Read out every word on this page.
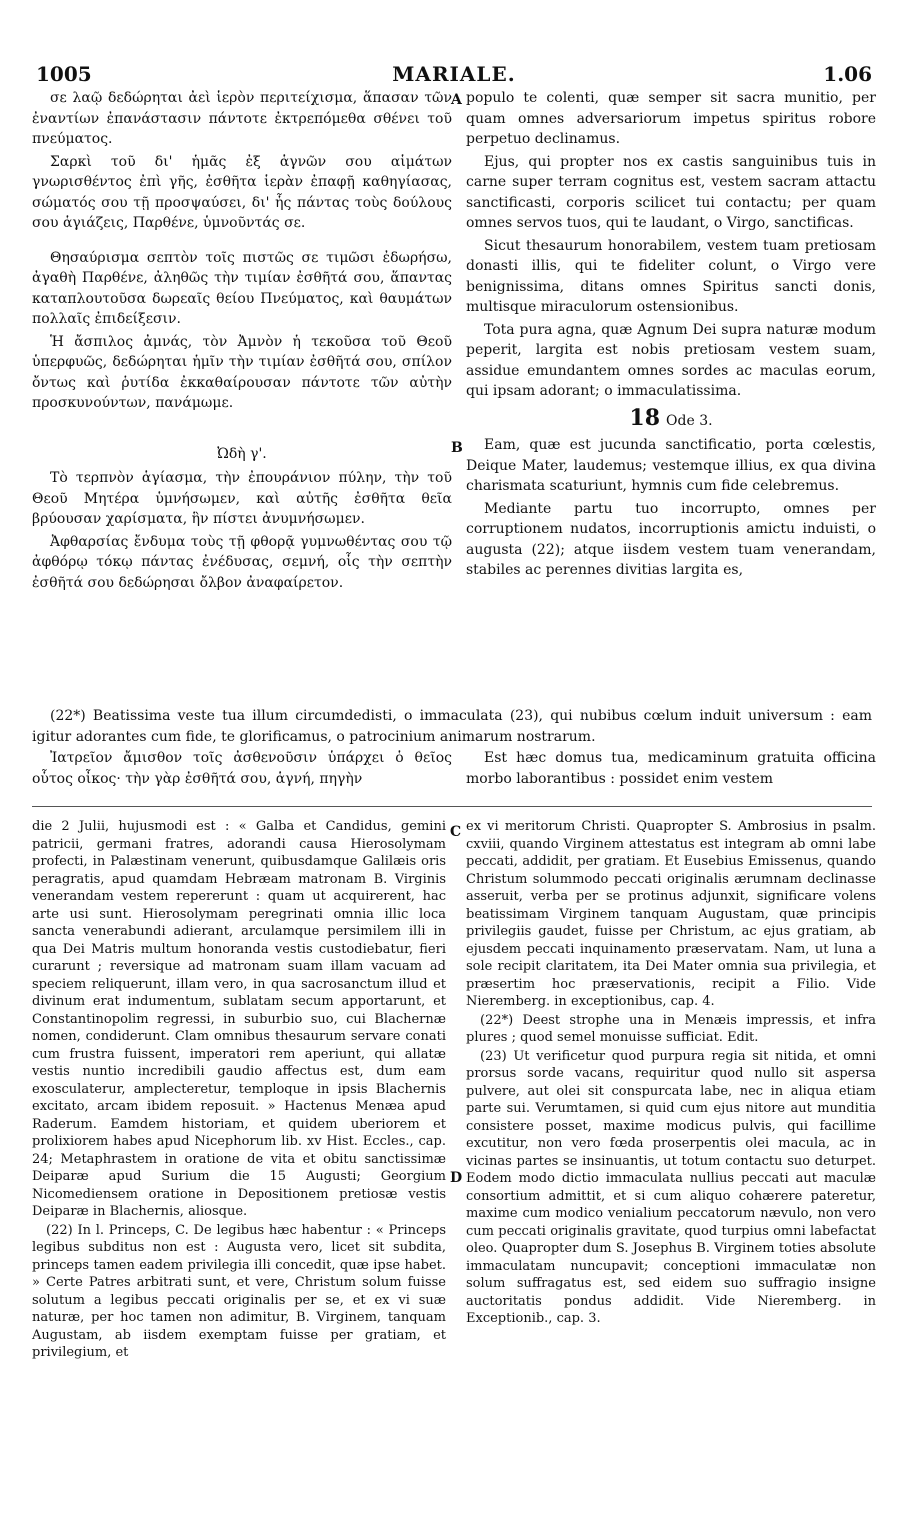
1005	MARIALE.	1.06
A
B
C
D

σε λαῷ δεδώρηται ἀεὶ ἱερὸν περιτείχισμα, ἅπασαν τῶν ἐναντίων ἐπανάστασιν πάντοτε ἐκτρεπόμεθα σθένει τοῦ πνεύματος.

Σαρκὶ τοῦ δι' ἡμᾶς ἐξ ἁγνῶν σου αἱμάτων γνωρισθέντος ἐπὶ γῆς, ἐσθῆτα ἱερὰν ἐπαφῇ καθηγίασας, σώματός σου τῇ προσψαύσει, δι' ἧς πάντας τοὺς δούλους σου ἁγιάζεις, Παρθένε, ὑμνοῦντάς σε.

Θησαύρισμα σεπτὸν τοῖς πιστῶς σε τιμῶσι ἐδωρήσω, ἀγαθὴ Παρθένε, ἀληθῶς τὴν τιμίαν ἐσθῆτά σου, ἅπαντας καταπλουτοῦσα δωρεαῖς θείου Πνεύματος, καὶ θαυμάτων πολλαῖς ἐπιδείξεσιν.

Ἡ ἄσπιλος ἀμνάς, τὸν Ἀμνὸν ἡ τεκοῦσα τοῦ Θεοῦ ὑπερφυῶς, δεδώρηται ἡμῖν τὴν τιμίαν ἐσθῆτά σου, σπίλον ὄντως καὶ ῥυτίδα ἐκκαθαίρουσαν πάντοτε τῶν αὐτὴν προσκυνούντων, πανάμωμε.

Ὠδὴ γ'.

Τὸ τερπνὸν ἁγίασμα, τὴν ἐπουράνιον πύλην, τὴν τοῦ Θεοῦ Μητέρα ὑμνήσωμεν, καὶ αὐτῆς ἐσθῆτα θεῖα βρύουσαν χαρίσματα, ἣν πίστει ἀνυμνήσωμεν.

Ἀφθαρσίας ἔνδυμα τοὺς τῇ φθορᾷ γυμνωθέντας σου τῷ ἀφθόρῳ τόκῳ πάντας ἐνέδυσας, σεμνή, οἷς τὴν σεπτὴν ἐσθῆτά σου δεδώρησαι ὄλβον ἀναφαίρετον.

populo te colenti, quæ semper sit sacra munitio, per quam omnes adversariorum impetus spiritus robore perpetuo declinamus.

Ejus, qui propter nos ex castis sanguinibus tuis in carne super terram cognitus est, vestem sacram attactu sanctificasti, corporis scilicet tui contactu; per quam omnes servos tuos, qui te laudant, o Virgo, sanctificas.

Sicut thesaurum honorabilem, vestem tuam pretiosam donasti illis, qui te fideliter colunt, o Virgo vere benignissima, ditans omnes Spiritus sancti donis, multisque miraculorum ostensionibus.

Tota pura agna, quæ Agnum Dei supra naturæ modum peperit, largita est nobis pretiosam vestem suam, assidue emundantem omnes sordes ac maculas eorum, qui ipsam adorant; o immaculatissima.

18 Ode 3.

Eam, quæ est jucunda sanctificatio, porta cœlestis, Deique Mater, laudemus; vestemque illius, ex qua divina charismata scaturiunt, hymnis cum fide celebremus.

Mediante partu tuo incorrupto, omnes per corruptionem nudatos, incorruptionis amictu induisti, o augusta (22); atque iisdem vestem tuam venerandam, stabiles ac perennes divitias largita es,

(22*) Beatissima veste tua illum circumdedisti, o immaculata (23), qui nubibus cœlum induit universum : eam igitur adorantes cum fide, te glorificamus, o patrocinium animarum nostrarum.
Ἰατρεῖον ἄμισθον τοῖς ἀσθενοῦσιν ὑπάρχει ὁ θεῖος οὗτος οἶκος· τὴν γὰρ ἐσθῆτά σου, ἁγνή, πηγὴν
Est hæc domus tua, medicaminum gratuita officina morbo laborantibus : possidet enim vestem

die 2 Julii, hujusmodi est : « Galba et Candidus, gemini patricii, germani fratres, adorandi causa Hierosolymam profecti, in Palæstinam venerunt, quibusdamque Galilæis oris peragratis, apud quamdam Hebræam matronam B. Virginis venerandam vestem repererunt : quam ut acquirerent, hac arte usi sunt. Hierosolymam peregrinati omnia illic loca sancta venerabundi adierant, arculamque persimilem illi in qua Dei Matris multum honoranda vestis custodiebatur, fieri curarunt ; reversique ad matronam suam illam vacuam ad speciem reliquerunt, illam vero, in qua sacrosanctum illud et divinum erat indumentum, sublatam secum apportarunt, et Constantinopolim regressi, in suburbio suo, cui Blachernæ nomen, condiderunt. Clam omnibus thesaurum servare conati cum frustra fuissent, imperatori rem aperiunt, qui allatæ vestis nuntio incredibili gaudio affectus est, dum eam exosculaterur, amplecteretur, temploque in ipsis Blachernis excitato, arcam ibidem reposuit. » Hactenus Menæa apud Raderum. Eamdem historiam, et quidem uberiorem et prolixiorem habes apud Nicephorum lib. xv Hist. Eccles., cap. 24; Metaphrastem in oratione de vita et obitu sanctissimæ Deiparæ apud Surium die 15 Augusti; Georgium Nicomediensem oratione in Depositionem pretiosæ vestis Deiparæ in Blachernis, aliosque.

(22) In l. Princeps, C. De legibus hæc habentur : « Princeps legibus subditus non est : Augusta vero, licet sit subdita, princeps tamen eadem privilegia illi concedit, quæ ipse habet. » Certe Patres arbitrati sunt, et vere, Christum solum fuisse solutum a legibus peccati originalis per se, et ex vi suæ naturæ, per hoc tamen non adimitur, B. Virginem, tanquam Augustam, ab iisdem exemptam fuisse per gratiam, et privilegium, et

ex vi meritorum Christi. Quapropter S. Ambrosius in psalm. cxviii, quando Virginem attestatus est integram ab omni labe peccati, addidit, per gratiam. Et Eusebius Emissenus, quando Christum solummodo peccati originalis ærumnam declinasse asseruit, verba per se protinus adjunxit, significare volens beatissimam Virginem tanquam Augustam, quæ principis privilegiis gaudet, fuisse per Christum, ac ejus gratiam, ab ejusdem peccati inquinamento præservatam. Nam, ut luna a sole recipit claritatem, ita Dei Mater omnia sua privilegia, et præsertim hoc præservationis, recipit a Filio. Vide Nieremberg. in exceptionibus, cap. 4.

(22*) Deest strophe una in Menæis impressis, et infra plures ; quod semel monuisse sufficiat. Edit.

(23) Ut verificetur quod purpura regia sit nitida, et omni prorsus sorde vacans, requiritur quod nullo sit aspersa pulvere, aut olei sit conspurcata labe, nec in aliqua etiam parte sui. Verumtamen, si quid cum ejus nitore aut munditia consistere posset, maxime modicus pulvis, qui facillime excutitur, non vero fœda proserpentis olei macula, ac in vicinas partes se insinuantis, ut totum contactu suo deturpet. Eodem modo dictio immaculata nullius peccati aut maculæ consortium admittit, et si cum aliquo cohærere pateretur, maxime cum modico venialium peccatorum nævulo, non vero cum peccati originalis gravitate, quod turpius omni labefactat oleo. Quapropter dum S. Josephus B. Virginem toties absolute immaculatam nuncupavit; conceptioni immaculatæ non solum suffragatus est, sed eidem suo suffragio insigne auctoritatis pondus addidit. Vide Nieremberg. in Exceptionib., cap. 3.
